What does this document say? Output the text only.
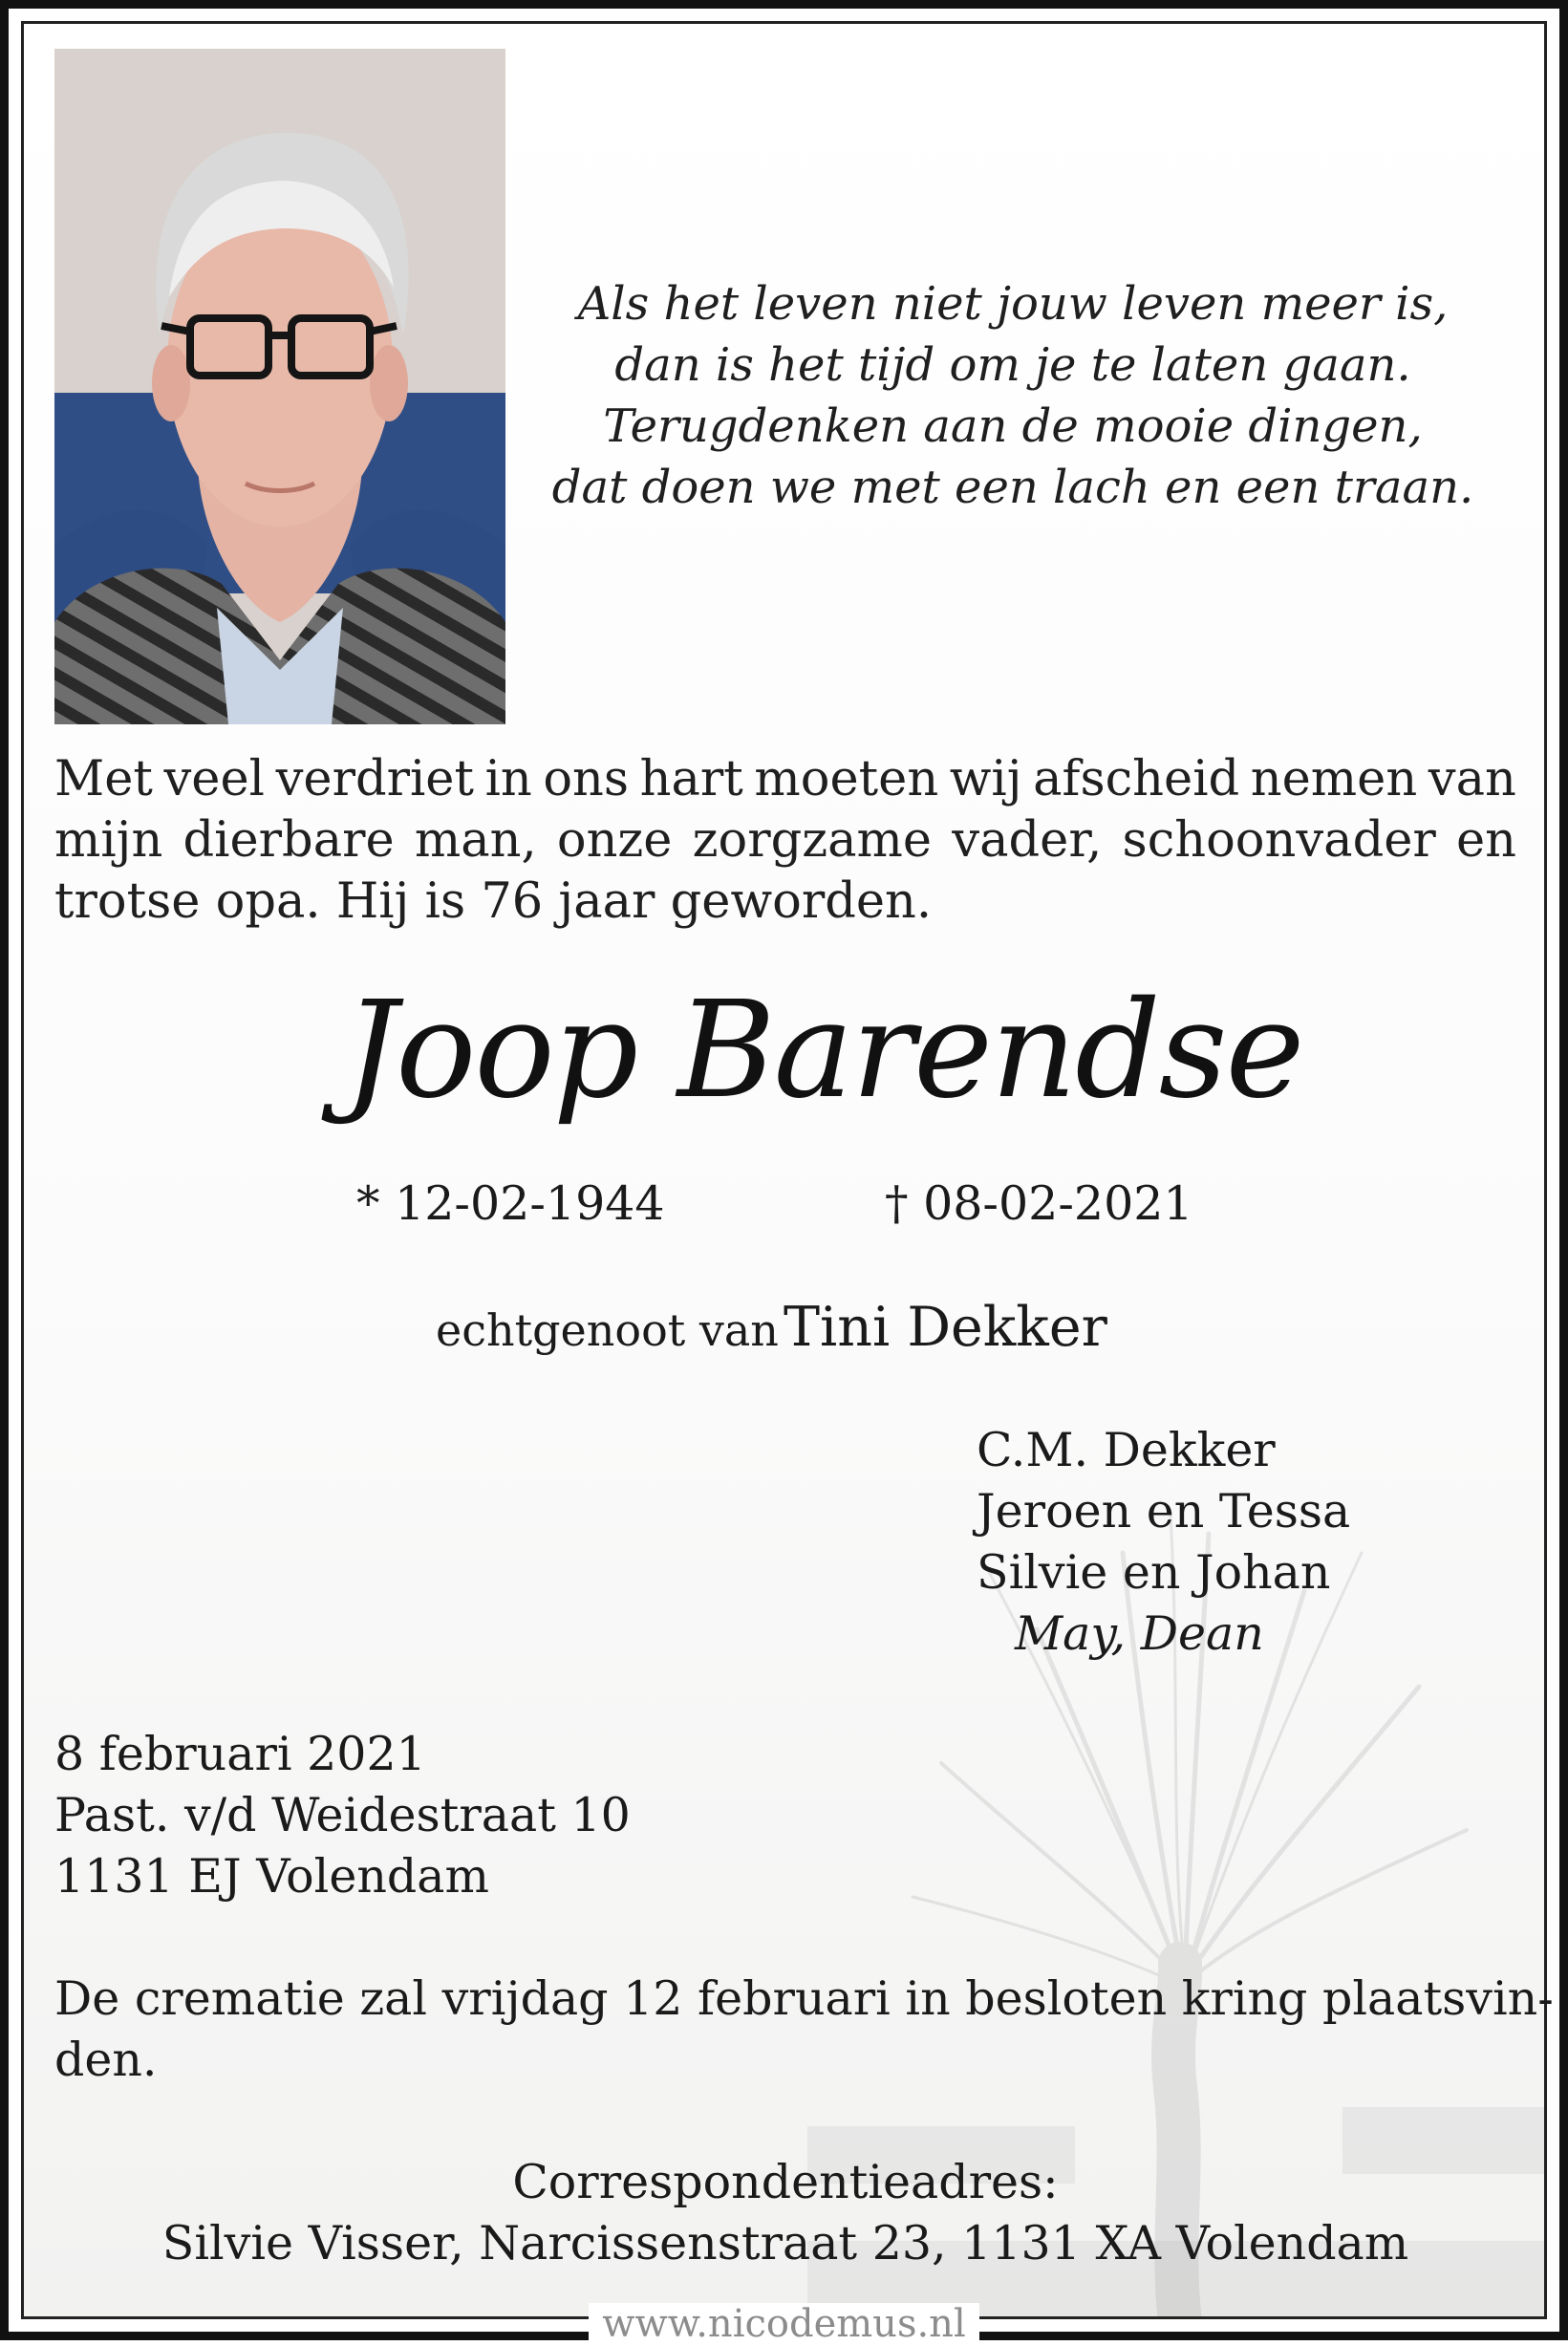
Als het leven niet jouw leven meer is,
dan is het tijd om je te laten gaan.
Terugdenken aan de mooie dingen,
dat doen we met een lach en een traan.
Met veel verdriet in ons hart moeten wij afscheid nemen van
mijn dierbare man, onze zorgzame vader, schoonvader en
trotse opa. Hij is 76 jaar geworden.
Joop Barendse
* 12-02-1944	† 08-02-2021
echtgenoot van Tini Dekker
C.M. Dekker
Jeroen en Tessa
Silvie en Johan
May, Dean
8 februari 2021
Past. v/d Weidestraat 10
1131 EJ Volendam
De crematie zal vrijdag 12 februari in besloten kring plaatsvin-
den.
Correspondentieadres:
Silvie Visser, Narcissenstraat 23, 1131 XA Volendam
www.nicodemus.nl
